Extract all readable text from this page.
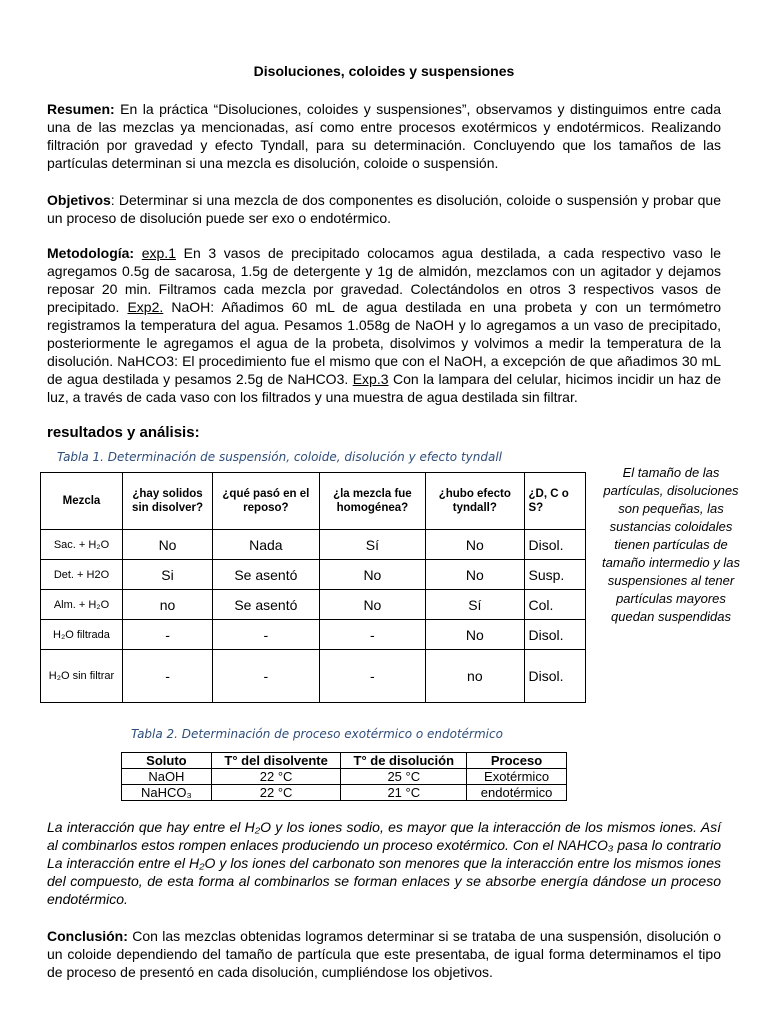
Disoluciones, coloides y suspensiones
Resumen: En la práctica “Disoluciones, coloides y suspensiones”, observamos y distinguimos entre cada una de las mezclas ya mencionadas, así como entre procesos exotérmicos y endotérmicos. Realizando filtración por gravedad y efecto Tyndall, para su determinación. Concluyendo que los tamaños de las partículas determinan si una mezcla es disolución, coloide o suspensión.
Objetivos: Determinar si una mezcla de dos componentes es disolución, coloide o suspensión y probar que un proceso de disolución puede ser exo o endotérmico.
Metodología: exp.1 En 3 vasos de precipitado colocamos agua destilada, a cada respectivo vaso le agregamos 0.5g de sacarosa, 1.5g de detergente y 1g de almidón, mezclamos con un agitador y dejamos reposar 20 min. Filtramos cada mezcla por gravedad. Colectándolos en otros 3 respectivos vasos de precipitado. Exp2. NaOH: Añadimos 60 mL de agua destilada en una probeta y con un termómetro registramos la temperatura del agua. Pesamos 1.058g de NaOH y lo agregamos a un vaso de precipitado, posteriormente le agregamos el agua de la probeta, disolvimos y volvimos a medir la temperatura de la disolución. NaHCO3: El procedimiento fue el mismo que con el NaOH, a excepción de que añadimos 30 mL de agua destilada y pesamos 2.5g de NaHCO3. Exp.3 Con la lampara del celular, hicimos incidir un haz de luz, a través de cada vaso con los filtrados y una muestra de agua destilada sin filtrar.
resultados y análisis:
Tabla 1. Determinación de suspensión, coloide, disolución y efecto tyndall
Mezcla	¿hay solidos sin disolver?	¿qué pasó en el reposo?	¿la mezcla fue homogénea?	¿hubo efecto tyndall?	¿D, C o S?
Sac. + H₂O	No	Nada	Sí	No	Disol.
Det. + H2O	Si	Se asentó	No	No	Susp.
Alm. + H₂O	no	Se asentó	No	Sí	Col.
H₂O filtrada	-	-	-	No	Disol.
H₂O sin filtrar	-	-	-	no	Disol.
El tamaño de las partículas, disoluciones son pequeñas, las sustancias coloidales tienen partículas de tamaño intermedio y las suspensiones al tener partículas mayores quedan suspendidas
Tabla 2. Determinación de proceso exotérmico o endotérmico
Soluto	T° del disolvente	T° de disolución	Proceso
NaOH	22 °C	25 °C	Exotérmico
NaHCO₃	22 °C	21 °C	endotérmico
La interacción que hay entre el H₂O y los iones sodio, es mayor que la interacción de los mismos iones. Así al combinarlos estos rompen enlaces produciendo un proceso exotérmico. Con el NAHCO₃ pasa lo contrario La interacción entre el H₂O y los iones del carbonato son menores que la interacción entre los mismos iones del compuesto, de esta forma al combinarlos se forman enlaces y se absorbe energía dándose un proceso endotérmico.
Conclusión: Con las mezclas obtenidas logramos determinar si se trataba de una suspensión, disolución o un coloide dependiendo del tamaño de partícula que este presentaba, de igual forma determinamos el tipo de proceso de presentó en cada disolución, cumpliéndose los objetivos.
